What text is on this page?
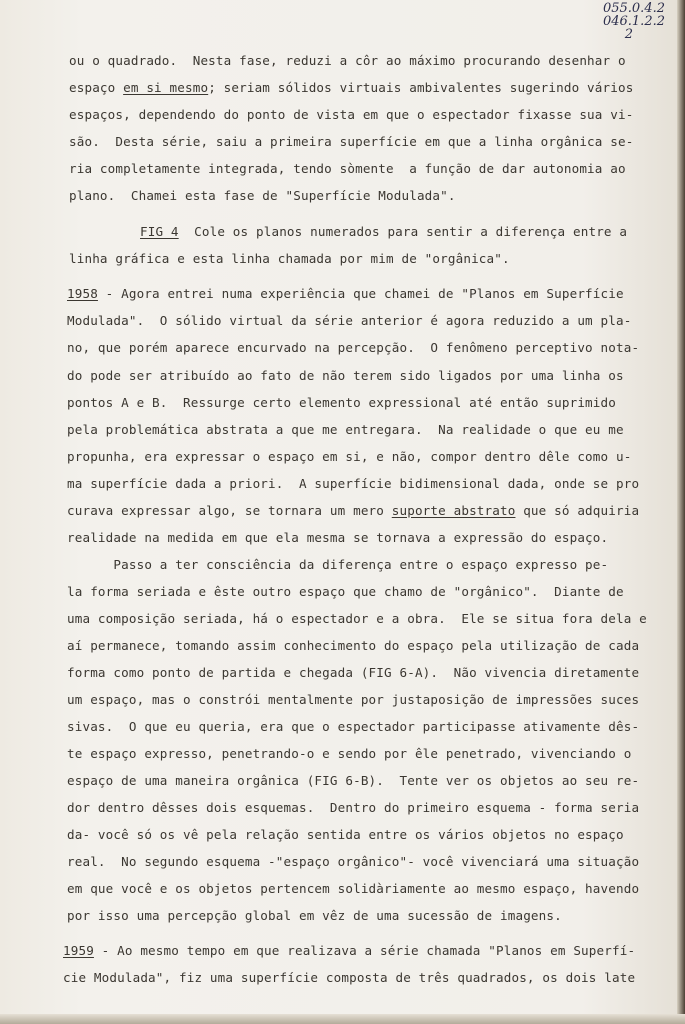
055.0.4.2
046.1.2.2
2
ou o quadrado.  Nesta fase, reduzi a côr ao máximo procurando desenhar o
espaço em si mesmo; seriam sólidos virtuais ambivalentes sugerindo vários
espaços, dependendo do ponto de vista em que o espectador fixasse sua vi-
são.  Desta série, saiu a primeira superfície em que a linha orgânica se-
ria completamente integrada, tendo sòmente  a função de dar autonomia ao
plano.  Chamei esta fase de "Superfície Modulada".
FIG 4  Cole os planos numerados para sentir a diferença entre a
linha gráfica e esta linha chamada por mim de "orgânica".
1958 - Agora entrei numa experiência que chamei de "Planos em Superfície
Modulada".  O sólido virtual da série anterior é agora reduzido a um pla-
no, que porém aparece encurvado na percepção.  O fenômeno perceptivo nota-
do pode ser atribuído ao fato de não terem sido ligados por uma linha os
pontos A e B.  Ressurge certo elemento expressional até então suprimido
pela problemática abstrata a que me entregara.  Na realidade o que eu me
propunha, era expressar o espaço em si, e não, compor dentro dêle como u-
ma superfície dada a priori.  A superfície bidimensional dada, onde se pro
curava expressar algo, se tornara um mero suporte abstrato que só adquiria
realidade na medida em que ela mesma se tornava a expressão do espaço.
Passo a ter consciência da diferença entre o espaço expresso pe-
la forma seriada e êste outro espaço que chamo de "orgânico".  Diante de
uma composição seriada, há o espectador e a obra.  Ele se situa fora dela e
aí permanece, tomando assim conhecimento do espaço pela utilização de cada
forma como ponto de partida e chegada (FIG 6-A).  Não vivencia diretamente
um espaço, mas o constrói mentalmente por justaposição de impressões suces
sivas.  O que eu queria, era que o espectador participasse ativamente dês-
te espaço expresso, penetrando-o e sendo por êle penetrado, vivenciando o
espaço de uma maneira orgânica (FIG 6-B).  Tente ver os objetos ao seu re-
dor dentro dêsses dois esquemas.  Dentro do primeiro esquema - forma seria
da- você só os vê pela relação sentida entre os vários objetos no espaço
real.  No segundo esquema -"espaço orgânico"- você vivenciará uma situação
em que você e os objetos pertencem solidàriamente ao mesmo espaço, havendo
por isso uma percepção global em vêz de uma sucessão de imagens.
1959 - Ao mesmo tempo em que realizava a série chamada "Planos em Superfí-
cie Modulada", fiz uma superfície composta de três quadrados, os dois late
